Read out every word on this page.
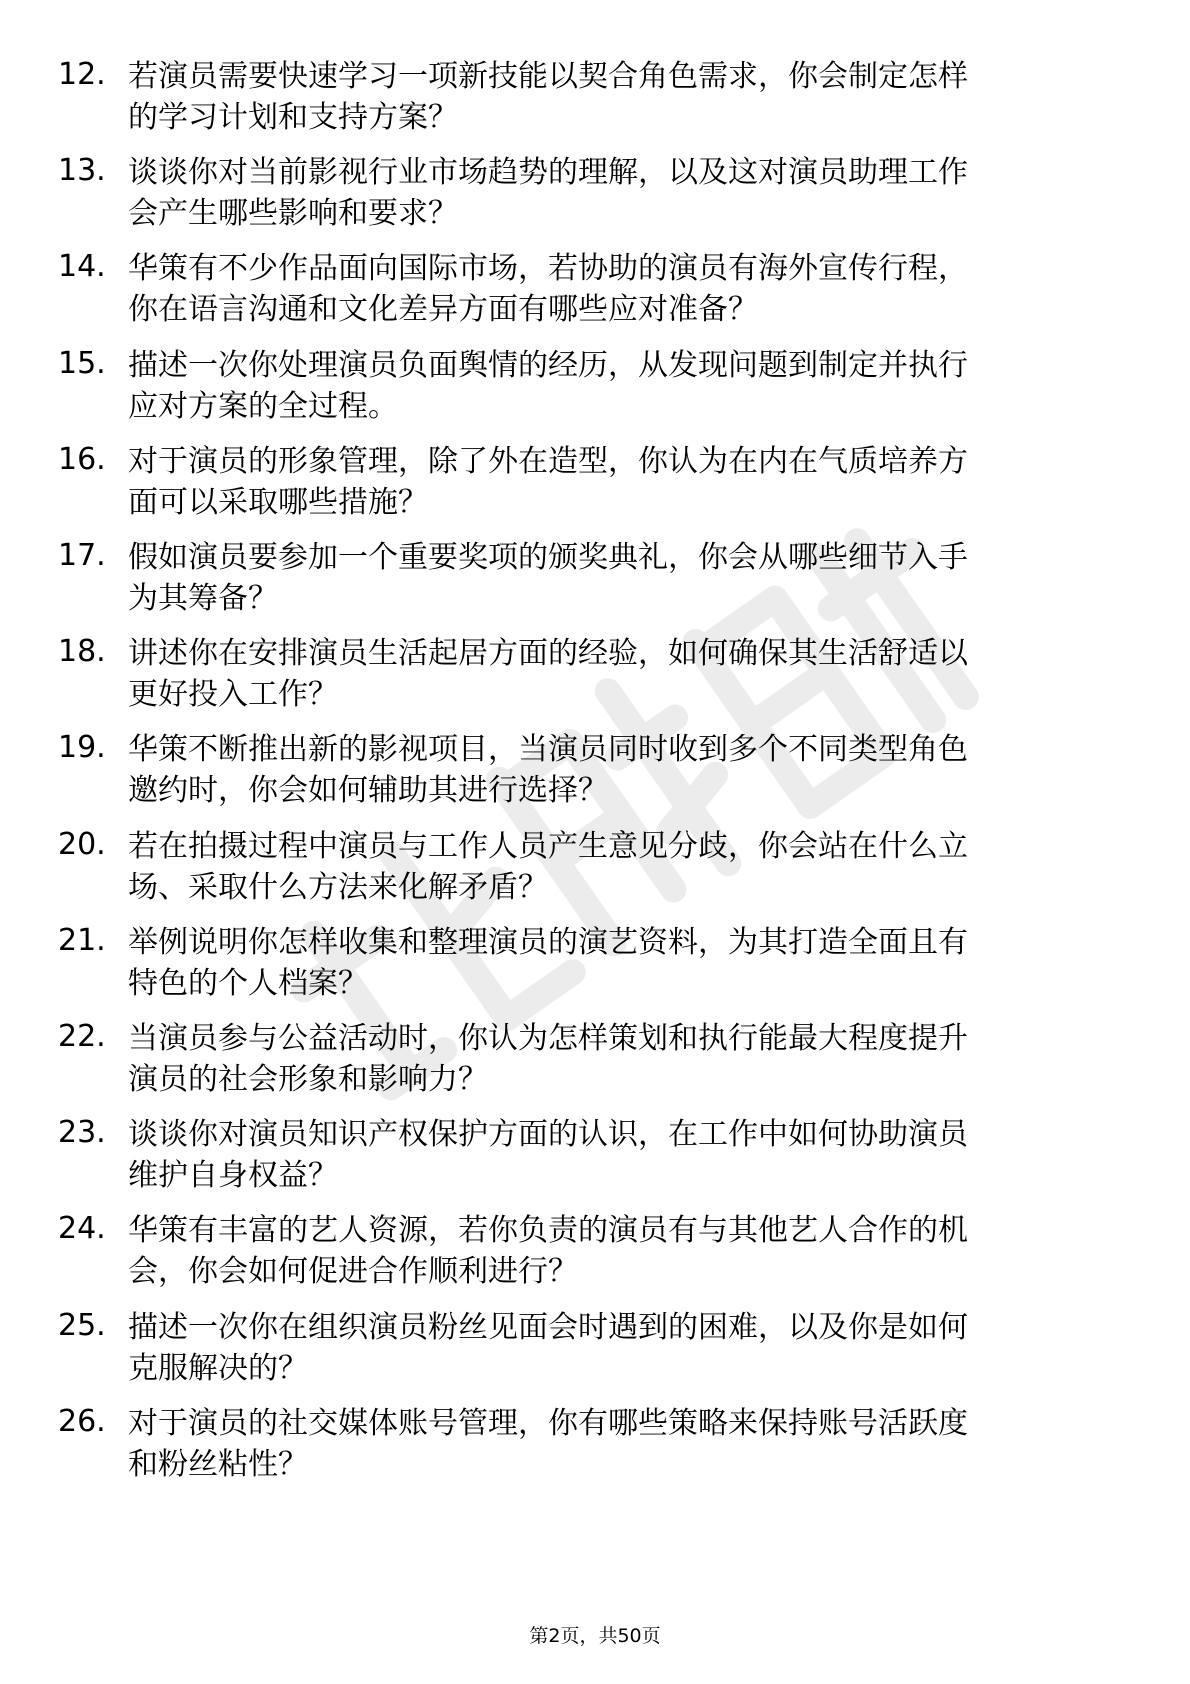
12. 若演员需要快速学习一项新技能以契合角色需求，你会制定怎样
的学习计划和支持方案？
13. 谈谈你对当前影视行业市场趋势的理解，以及这对演员助理工作
会产生哪些影响和要求？
14. 华策有不少作品面向国际市场，若协助的演员有海外宣传行程，
你在语言沟通和文化差异方面有哪些应对准备？
15. 描述一次你处理演员负面舆情的经历，从发现问题到制定并执行
应对方案的全过程。
16. 对于演员的形象管理，除了外在造型，你认为在内在气质培养方
面可以采取哪些措施？
17. 假如演员要参加一个重要奖项的颁奖典礼，你会从哪些细节入手
为其筹备？
18. 讲述你在安排演员生活起居方面的经验，如何确保其生活舒适以
更好投入工作？
19. 华策不断推出新的影视项目，当演员同时收到多个不同类型角色
邀约时，你会如何辅助其进行选择？
20. 若在拍摄过程中演员与工作人员产生意见分歧，你会站在什么立
场、采取什么方法来化解矛盾？
21. 举例说明你怎样收集和整理演员的演艺资料，为其打造全面且有
特色的个人档案？
22. 当演员参与公益活动时，你认为怎样策划和执行能最大程度提升
演员的社会形象和影响力？
23. 谈谈你对演员知识产权保护方面的认识，在工作中如何协助演员
维护自身权益？
24. 华策有丰富的艺人资源，若你负责的演员有与其他艺人合作的机
会，你会如何促进合作顺利进行？
25. 描述一次你在组织演员粉丝见面会时遇到的困难，以及你是如何
克服解决的？
26. 对于演员的社交媒体账号管理，你有哪些策略来保持账号活跃度
和粉丝粘性？
第2页，共50页
